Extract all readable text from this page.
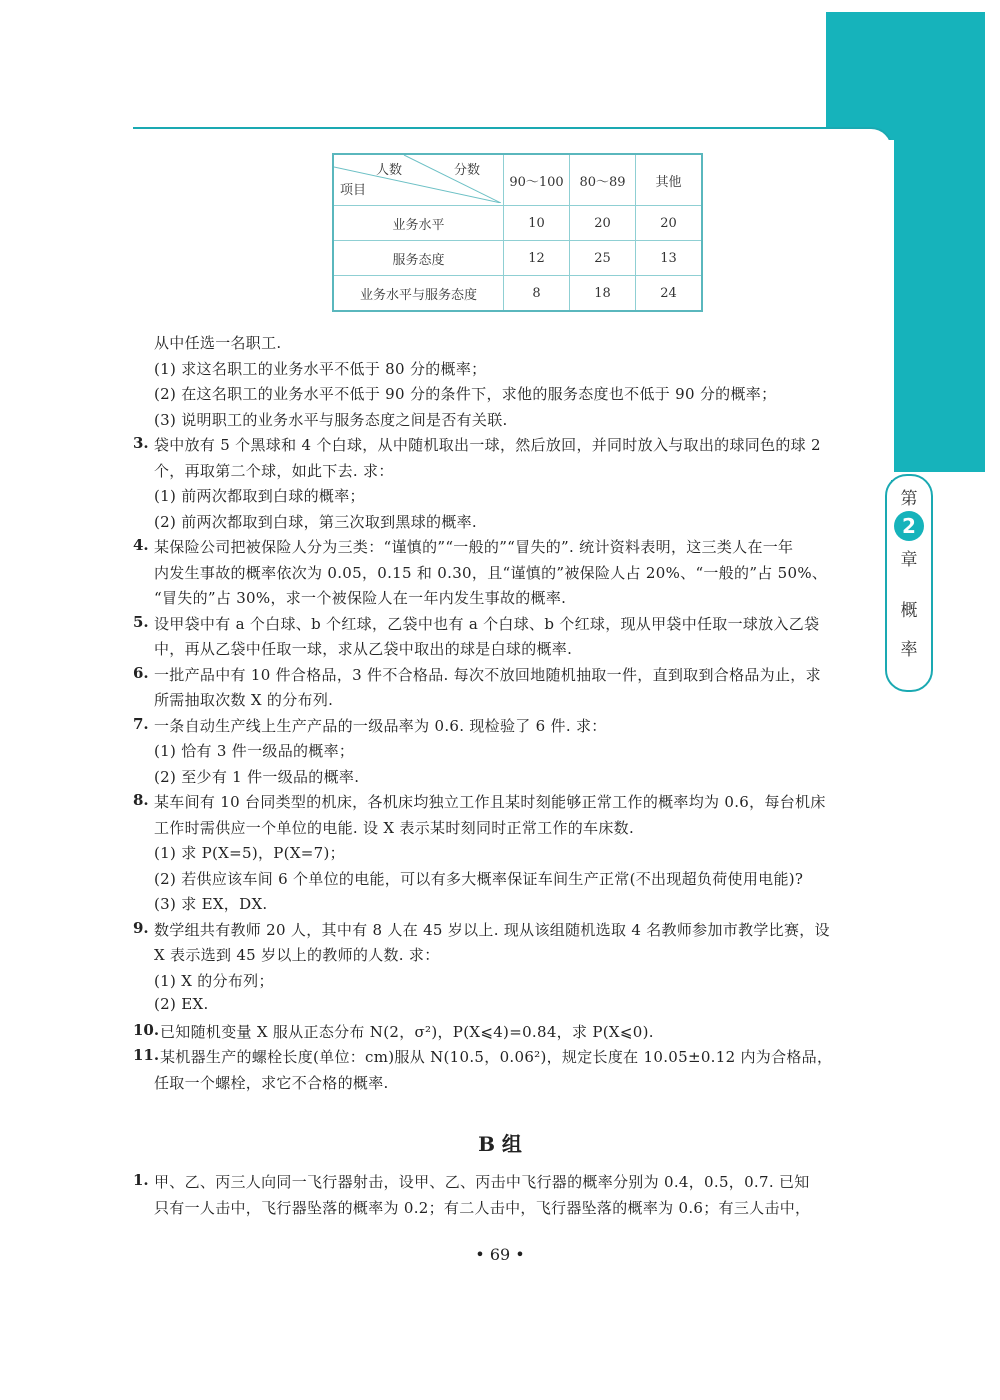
第
2
章
概
率
人数 分数
项目	90～100	80～89	其他
业务水平	10	20	20
服务态度	12	25	13
业务水平与服务态度	8	18	24
从中任选一名职工.
(1) 求这名职工的业务水平不低于 80 分的概率；
(2) 在这名职工的业务水平不低于 90 分的条件下，求他的服务态度也不低于 90 分的概率；
(3) 说明职工的业务水平与服务态度之间是否有关联.
3. 袋中放有 5 个黑球和 4 个白球，从中随机取出一球，然后放回，并同时放入与取出的球同色的球 2
个，再取第二个球，如此下去. 求：
(1) 前两次都取到白球的概率；
(2) 前两次都取到白球，第三次取到黑球的概率.
4. 某保险公司把被保险人分为三类：“谨慎的”“一般的”“冒失的”. 统计资料表明，这三类人在一年
内发生事故的概率依次为 0.05，0.15 和 0.30，且“谨慎的”被保险人占 20%、“一般的”占 50%、
“冒失的”占 30%，求一个被保险人在一年内发生事故的概率.
5. 设甲袋中有 a 个白球、b 个红球，乙袋中也有 a 个白球、b 个红球，现从甲袋中任取一球放入乙袋
中，再从乙袋中任取一球，求从乙袋中取出的球是白球的概率.
6. 一批产品中有 10 件合格品，3 件不合格品. 每次不放回地随机抽取一件，直到取到合格品为止，求
所需抽取次数 X 的分布列.
7. 一条自动生产线上生产产品的一级品率为 0.6. 现检验了 6 件. 求：
(1) 恰有 3 件一级品的概率；
(2) 至少有 1 件一级品的概率.
8. 某车间有 10 台同类型的机床，各机床均独立工作且某时刻能够正常工作的概率均为 0.6，每台机床
工作时需供应一个单位的电能. 设 X 表示某时刻同时正常工作的车床数.
(1) 求 P(X=5)，P(X=7)；
(2) 若供应该车间 6 个单位的电能，可以有多大概率保证车间生产正常(不出现超负荷使用电能)?
(3) 求 EX，DX.
9. 数学组共有教师 20 人，其中有 8 人在 45 岁以上. 现从该组随机选取 4 名教师参加市教学比赛，设
X 表示选到 45 岁以上的教师的人数. 求：
(1) X 的分布列；
(2) EX.
10. 已知随机变量 X 服从正态分布 N(2，σ²)，P(X⩽4)=0.84，求 P(X⩽0).
11. 某机器生产的螺栓长度(单位：cm)服从 N(10.5，0.06²)，规定长度在 10.05±0.12 内为合格品，
任取一个螺栓，求它不合格的概率.
B 组
1. 甲、乙、丙三人向同一飞行器射击，设甲、乙、丙击中飞行器的概率分别为 0.4，0.5，0.7. 已知
只有一人击中，飞行器坠落的概率为 0.2；有二人击中，飞行器坠落的概率为 0.6；有三人击中，
• 69 •
